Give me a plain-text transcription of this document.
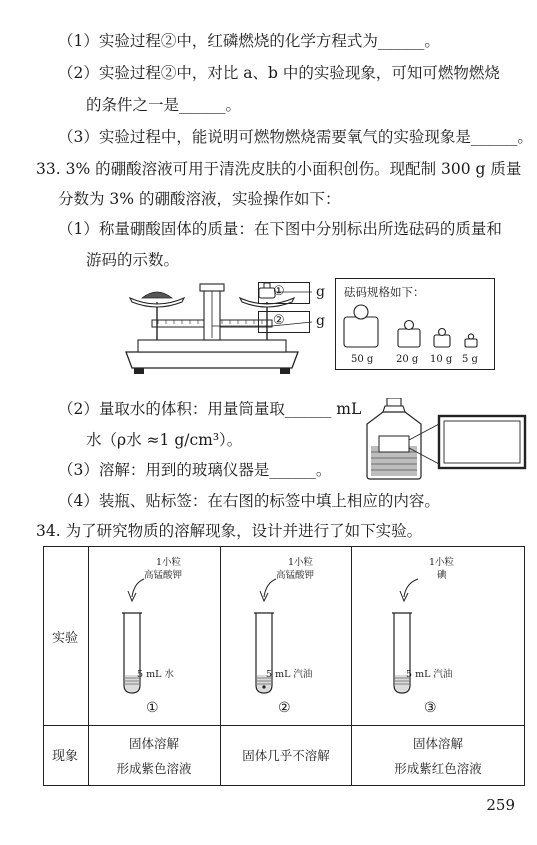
（1）实验过程②中，红磷燃烧的化学方程式为______。
（2）实验过程②中，对比 a、b 中的实验现象，可知可燃物燃烧
的条件之一是______。
（3）实验过程中，能说明可燃物燃烧需要氧气的实验现象是______。
33. 3% 的硼酸溶液可用于清洗皮肤的小面积创伤。现配制 300 g 质量
分数为 3% 的硼酸溶液，实验操作如下：
（1）称量硼酸固体的质量：在下图中分别标出所选砝码的质量和
游码的示数。
① g
② g
砝码规格如下：
50 g 20 g 10 g 5 g
（2）量取水的体积：用量筒量取______ mL
水（ρ水 ≈1 g/cm³）。
（3）溶解：用到的玻璃仪器是______。
（4）装瓶、贴标签：在右图的标签中填上相应的内容。
34. 为了研究物质的溶解现象，设计并进行了如下实验。
实验
现象
1小粒
高锰酸钾
5 mL 水
①
固体溶解
形成紫色溶液
1小粒
高锰酸钾
5 mL 汽油
②
固体几乎不溶解
1小粒
碘
5 mL 汽油
③
固体溶解
形成紫红色溶液
259
